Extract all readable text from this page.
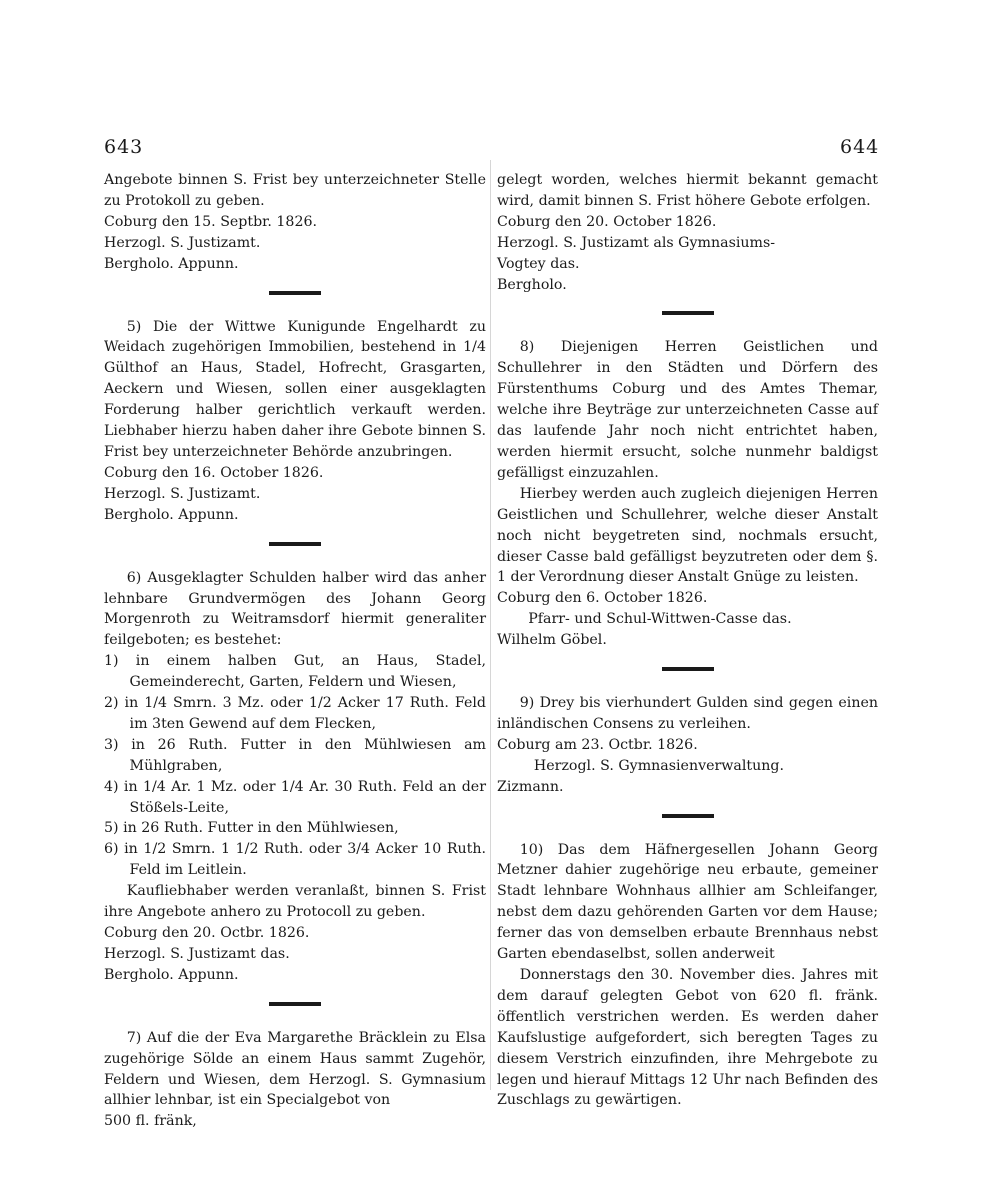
643	644

Angebote binnen S. Frist bey unterzeichneter Stelle zu Protokoll zu geben.

Coburg den 15. Septbr. 1826.

Herzogl. S. Justizamt.

Bergholo. Appunn.

5) Die der Wittwe Kunigunde Engelhardt zu Weidach zugehörigen Immobilien, bestehend in 1/4 Gülthof an Haus, Stadel, Hofrecht, Grasgarten, Aeckern und Wiesen, sollen einer ausgeklagten Forderung halber gerichtlich verkauft werden. Liebhaber hierzu haben daher ihre Gebote binnen S. Frist bey unterzeichneter Behörde anzubringen.

Coburg den 16. October 1826.

Herzogl. S. Justizamt.

Bergholo. Appunn.

6) Ausgeklagter Schulden halber wird das anher lehnbare Grundvermögen des Johann Georg Morgenroth zu Weitramsdorf hiermit generaliter feilgeboten; es bestehet:

1) in einem halben Gut, an Haus, Stadel, Gemeinderecht, Garten, Feldern und Wiesen,
2) in 1/4 Smrn. 3 Mz. oder 1/2 Acker 17 Ruth. Feld im 3ten Gewend auf dem Flecken,
3) in 26 Ruth. Futter in den Mühlwiesen am Mühlgraben,
4) in 1/4 Ar. 1 Mz. oder 1/4 Ar. 30 Ruth. Feld an der Stößels-Leite,
5) in 26 Ruth. Futter in den Mühlwiesen,
6) in 1/2 Smrn. 1 1/2 Ruth. oder 3/4 Acker 10 Ruth. Feld im Leitlein.

Kaufliebhaber werden veranlaßt, binnen S. Frist ihre Angebote anhero zu Protocoll zu geben.

Coburg den 20. Octbr. 1826.

Herzogl. S. Justizamt das.

Bergholo. Appunn.

7) Auf die der Eva Margarethe Bräcklein zu Elsa zugehörige Sölde an einem Haus sammt Zugehör, Feldern und Wiesen, dem Herzogl. S. Gymnasium allhier lehnbar, ist ein Specialgebot von

500 fl. fränk,

gelegt worden, welches hiermit bekannt gemacht wird, damit binnen S. Frist höhere Gebote erfolgen.

Coburg den 20. October 1826.

Herzogl. S. Justizamt als Gymnasiums-

Vogtey das.

Bergholo.

8) Diejenigen Herren Geistlichen und Schullehrer in den Städten und Dörfern des Fürstenthums Coburg und des Amtes Themar, welche ihre Beyträge zur unterzeichneten Casse auf das laufende Jahr noch nicht entrichtet haben, werden hiermit ersucht, solche nunmehr baldigst gefälligst einzuzahlen.

Hierbey werden auch zugleich diejenigen Herren Geistlichen und Schullehrer, welche dieser Anstalt noch nicht beygetreten sind, nochmals ersucht, dieser Casse bald gefälligst beyzutreten oder dem §. 1 der Verordnung dieser Anstalt Gnüge zu leisten.

Coburg den 6. October 1826.

Pfarr- und Schul-Wittwen-Casse das.

Wilhelm Göbel.

9) Drey bis vierhundert Gulden sind gegen einen inländischen Consens zu verleihen.

Coburg am 23. Octbr. 1826.

Herzogl. S. Gymnasienverwaltung.

Zizmann.

10) Das dem Häfnergesellen Johann Georg Metzner dahier zugehörige neu erbaute, gemeiner Stadt lehnbare Wohnhaus allhier am Schleifanger, nebst dem dazu gehörenden Garten vor dem Hause; ferner das von demselben erbaute Brennhaus nebst Garten ebendaselbst, sollen anderweit

Donnerstags den 30. November dies. Jahres mit dem darauf gelegten Gebot von 620 fl. fränk. öffentlich verstrichen werden. Es werden daher Kaufslustige aufgefordert, sich beregten Tages zu diesem Verstrich einzufinden, ihre Mehrgebote zu legen und hierauf Mittags 12 Uhr nach Befinden des Zuschlags zu gewärtigen.
